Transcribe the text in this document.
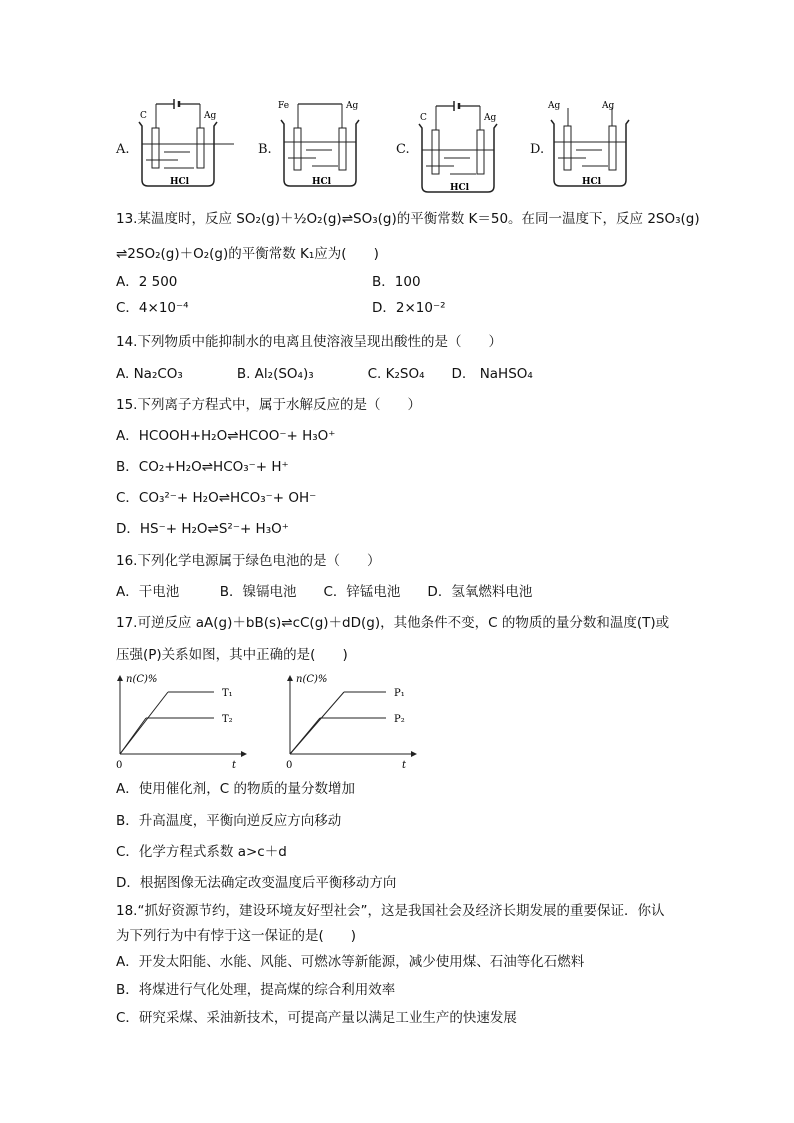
A.
C	Ag
HCl
B.
Fe	Ag
HCl
C.
C	Ag
HCl
D.
Ag	Ag
HCl
13.某温度时，反应 SO₂(g)＋½O₂(g)⇌SO₃(g)的平衡常数 K＝50。在同一温度下，反应 2SO₃(g)
⇌2SO₂(g)＋O₂(g)的平衡常数 K₁应为(　　)
A．2 500	B．100
C．4×10⁻⁴	D．2×10⁻²
14.下列物质中能抑制水的电离且使溶液呈现出酸性的是（　　）
A. Na₂CO₃　　　　B. Al₂(SO₄)₃　　　　C. K₂SO₄　　D.　NaHSO₄
15.下列离子方程式中，属于水解反应的是（　　）
A．HCOOH+H₂O⇌HCOO⁻+ H₃O⁺
B．CO₂+H₂O⇌HCO₃⁻+ H⁺
C．CO₃²⁻+ H₂O⇌HCO₃⁻+ OH⁻
D．HS⁻+ H₂O⇌S²⁻+ H₃O⁺
16.下列化学电源属于绿色电池的是（　　）
A．干电池　　　B．镍镉电池　　C．锌锰电池　　D．氢氧燃料电池
17.可逆反应 aA(g)＋bB(s)⇌cC(g)＋dD(g)，其他条件不变，C 的物质的量分数和温度(T)或
压强(P)关系如图，其中正确的是(　　)
n(C)%
T₁
T₂
0	t
n(C)%
P₁
P₂
0	t
A．使用催化剂，C 的物质的量分数增加
B．升高温度，平衡向逆反应方向移动
C．化学方程式系数 a>c＋d
D．根据图像无法确定改变温度后平衡移动方向
18.“抓好资源节约，建设环境友好型社会”，这是我国社会及经济长期发展的重要保证．你认
为下列行为中有悖于这一保证的是(　　)
A．开发太阳能、水能、风能、可燃冰等新能源，减少使用煤、石油等化石燃料
B．将煤进行气化处理，提高煤的综合利用效率
C．研究采煤、采油新技术，可提高产量以满足工业生产的快速发展
